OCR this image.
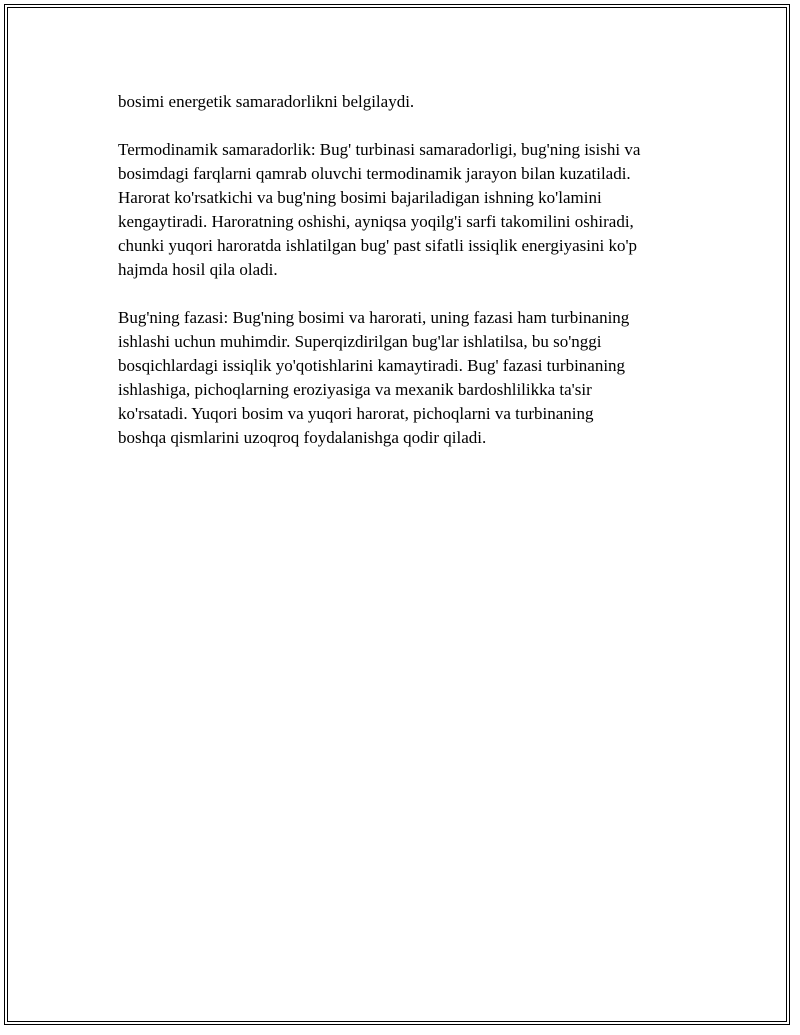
bosimi energetik samaradorlikni belgilaydi.

Termodinamik samaradorlik: Bug' turbinasi samaradorligi, bug'ning isishi va
bosimdagi farqlarni qamrab oluvchi termodinamik jarayon bilan kuzatiladi.
Harorat ko'rsatkichi va bug'ning bosimi bajariladigan ishning ko'lamini
kengaytiradi. Haroratning oshishi, ayniqsa yoqilg'i sarfi takomilini oshiradi,
chunki yuqori haroratda ishlatilgan bug' past sifatli issiqlik energiyasini ko'p
hajmda hosil qila oladi.

Bug'ning fazasi: Bug'ning bosimi va harorati, uning fazasi ham turbinaning
ishlashi uchun muhimdir. Superqizdirilgan bug'lar ishlatilsa, bu so'nggi
bosqichlardagi issiqlik yo'qotishlarini kamaytiradi. Bug' fazasi turbinaning
ishlashiga, pichoqlarning eroziyasiga va mexanik bardoshlilikka ta'sir
ko'rsatadi. Yuqori bosim va yuqori harorat, pichoqlarni va turbinaning
boshqa qismlarini uzoqroq foydalanishga qodir qiladi.
